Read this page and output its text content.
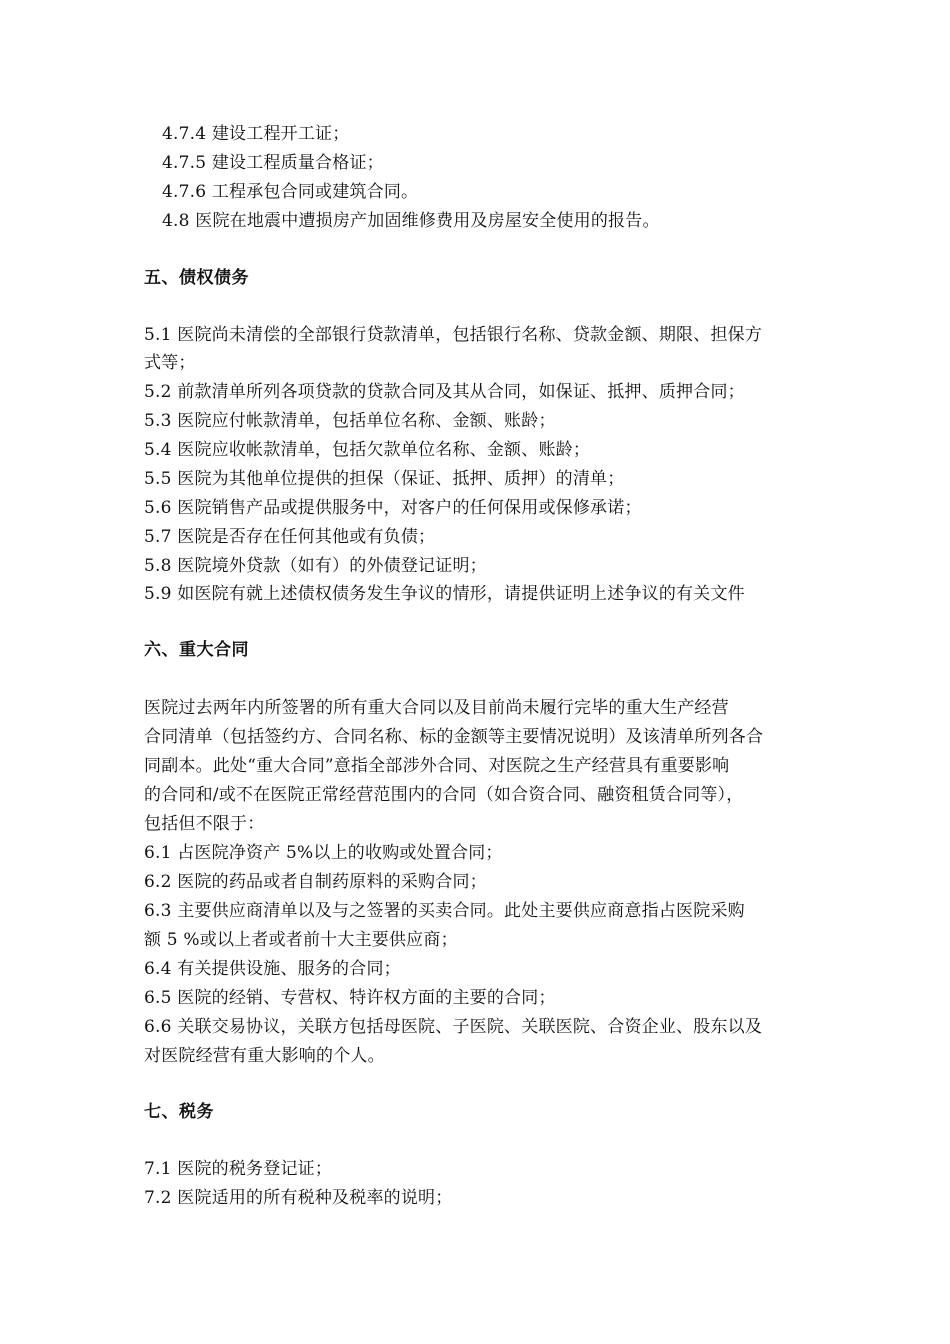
4.7.4 建设工程开工证；
4.7.5 建设工程质量合格证；
4.7.6 工程承包合同或建筑合同。
4.8 医院在地震中遭损房产加固维修费用及房屋安全使用的报告。
五、债权债务
5.1 医院尚未清偿的全部银行贷款清单，包括银行名称、贷款金额、期限、担保方
式等；
5.2 前款清单所列各项贷款的贷款合同及其从合同，如保证、抵押、质押合同；
5.3 医院应付帐款清单，包括单位名称、金额、账龄；
5.4 医院应收帐款清单，包括欠款单位名称、金额、账龄；
5.5 医院为其他单位提供的担保（保证、抵押、质押）的清单；
5.6 医院销售产品或提供服务中，对客户的任何保用或保修承诺；
5.7 医院是否存在任何其他或有负债；
5.8 医院境外贷款（如有）的外债登记证明；
5.9 如医院有就上述债权债务发生争议的情形，请提供证明上述争议的有关文件
六、重大合同
医院过去两年内所签署的所有重大合同以及目前尚未履行完毕的重大生产经营
合同清单（包括签约方、合同名称、标的金额等主要情况说明）及该清单所列各合
同副本。此处“重大合同”意指全部涉外合同、对医院之生产经营具有重要影响
的合同和/或不在医院正常经营范围内的合同（如合资合同、融资租赁合同等），
包括但不限于：
6.1 占医院净资产 5%以上的收购或处置合同；
6.2 医院的药品或者自制药原料的采购合同；
6.3 主要供应商清单以及与之签署的买卖合同。此处主要供应商意指占医院采购
额 5 %或以上者或者前十大主要供应商；
6.4 有关提供设施、服务的合同；
6.5 医院的经销、专营权、特许权方面的主要的合同；
6.6 关联交易协议，关联方包括母医院、子医院、关联医院、合资企业、股东以及
对医院经营有重大影响的个人。
七、税务
7.1 医院的税务登记证；
7.2 医院适用的所有税种及税率的说明；
